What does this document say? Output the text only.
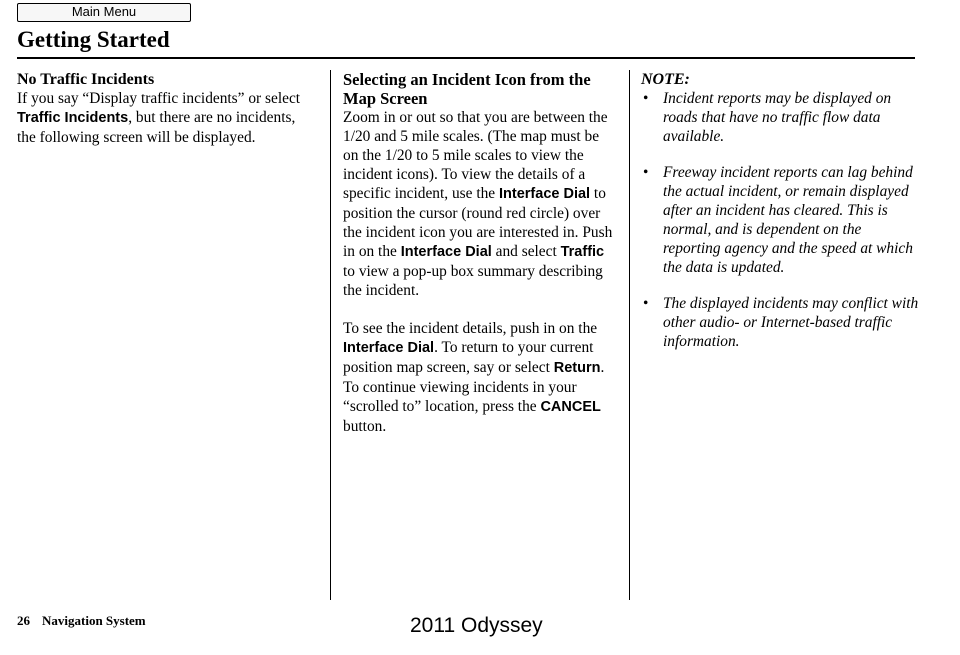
Main Menu
Getting Started
No Traffic Incidents

If you say “Display traffic incidents” or select Traffic Incidents, but there are no incidents, the following screen will be displayed.

Selecting an Incident Icon from the Map Screen

Zoom in or out so that you are between the 1/20 and 5 mile scales. (The map must be on the 1/20 to 5 mile scales to view the incident icons). To view the details of a specific incident, use the Interface Dial to position the cursor (round red circle) over the incident icon you are interested in. Push in on the Interface Dial and select Traffic to view a pop-up box summary describing the incident.

To see the incident details, push in on the Interface Dial. To return to your current position map screen, say or select Return. To continue viewing incidents in your “scrolled to” location, press the CANCEL button.

NOTE:
• Incident reports may be displayed on roads that have no traffic flow data available.
• Freeway incident reports can lag behind the actual incident, or remain displayed after an incident has cleared. This is normal, and is dependent on the reporting agency and the speed at which the data is updated.
• The displayed incidents may conflict with other audio- or Internet-based traffic information.
26 Navigation System	2011 Odyssey
